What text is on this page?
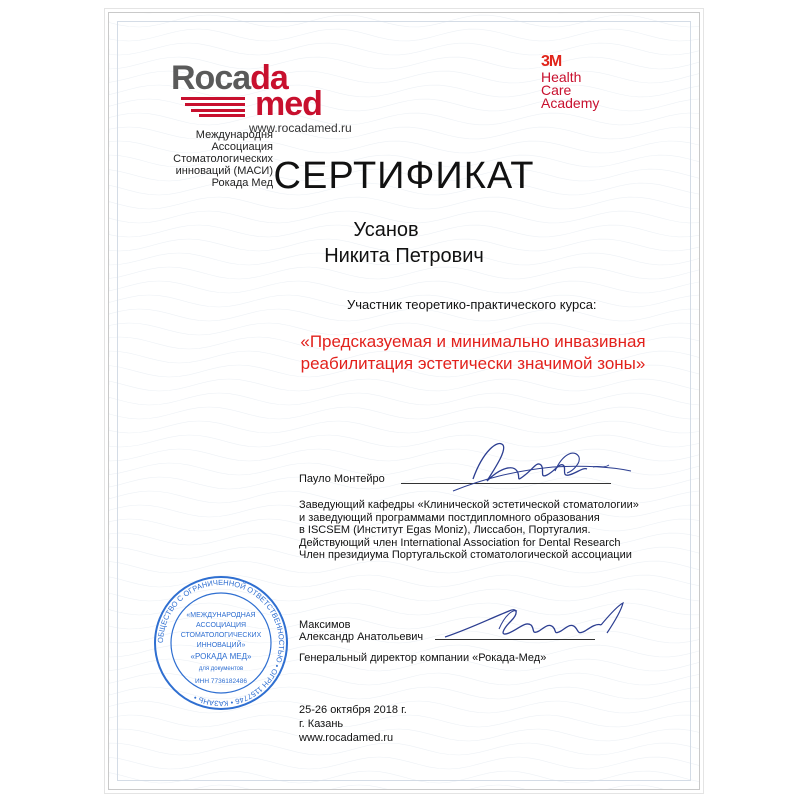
Rocada
med
www.rocadamed.ru
Международня
Ассоциация
Стоматологических
инноваций (МАСИ)
Рокада Мед
3M
Health
Care
Academy
СЕРТИФИКАТ
Усанов
Никита Петрович
Участник теоретико-практического курса:
«Предсказуемая и минимально инвазивная
реабилитация эстетически значимой зоны»
Пауло Монтейро
Заведующий кафедры «Клинической эстетической стоматологии»
и заведующий программами постдипломного образования
в ISCSEM (Институт Egas Moniz), Лиссабон, Португалия.
Действующий член International Association for Dental Research
Член президиума Португальской стоматологической ассоциации
Максимов
Александр Анатольевич
Генеральный директор компании «Рокада-Мед»
25-26 октября 2018 г.
г. Казань
www.rocadamed.ru
ОБЩЕСТВО С ОГРАНИЧЕННОЙ ОТВЕТСТВЕННОСТЬЮ • ОГРН 1157746 • КАЗАНЬ •
«МЕЖДУНАРОДНАЯ
АССОЦИАЦИЯ
СТОМАТОЛОГИЧЕСКИХ
ИННОВАЦИЙ»
«РОКАДА МЕД»
для документов
ИНН 7736182486
